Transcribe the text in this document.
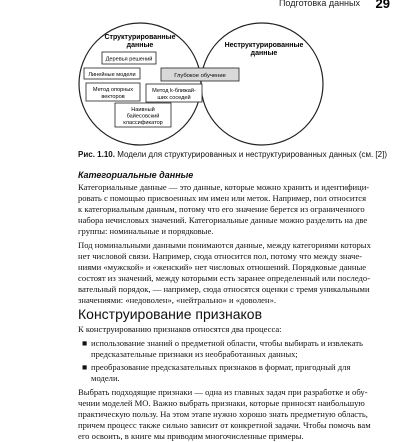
Подготовка данных 29
Структурированные
данные	Неструктурированные
данные
Деревья решений
Линейные модели	Глубокое обучение
Метод опорных
векторов
Метод k-ближай-
ших соседей
Наивный
байесовский
классификатор
Рис. 1.10. Модели для структурированных и неструктурированных данных (см. [2])
Категориальные данные
Категориальные данные — это данные, которые можно хранить и идентифици-
ровать с помощью присвоенных им имен или меток. Например, пол относится
к категориальным данным, потому что его значение берется из ограниченного
набора нечисловых значений. Категориальные данные можно разделить на две
группы: номинальные и порядковые.
Под номинальными данными понимаются данные, между категориями которых
нет числовой связи. Например, сюда относится пол, потому что между значе-
ниями «мужской» и «женский» нет числовых отношений. Порядковые данные
состоят из значений, между которыми есть заранее определенный или последо-
вательный порядок, — например, сюда относятся оценки с тремя уникальными
значениями: «недоволен», «нейтрально» и «доволен».
Конструирование признаков
К конструированию признаков относятся два процесса:
■ использование знаний о предметной области, чтобы выбирать и извлекать
предсказательные признаки из необработанных данных;
■ преобразование предсказательных признаков в формат, пригодный для
модели.
Выбрать подходящие признаки — одна из главных задач при разработке и обу-
чении моделей МО. Важно выбрать признаки, которые приносят наибольшую
практическую пользу. На этом этапе нужно хорошо знать предметную область,
причем процесс также сильно зависит от конкретной задачи. Чтобы помочь вам
его освоить, в книге мы приводим многочисленные примеры.
